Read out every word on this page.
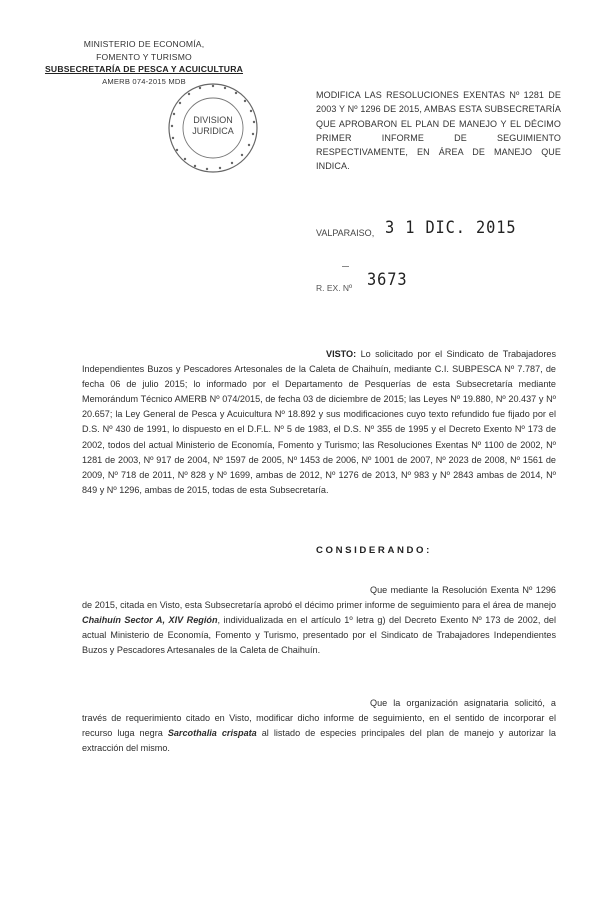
MINISTERIO DE ECONOMÍA,
FOMENTO Y TURISMO
SUBSECRETARÍA DE PESCA Y ACUICULTURA
AMERB 074-2015 MDB
DIVISION
JURIDICA
MODIFICA LAS RESOLUCIONES EXENTAS Nº 1281 DE 2003 Y Nº 1296 DE 2015, AMBAS ESTA SUBSECRETARÍA QUE APROBARON EL PLAN DE MANEJO Y EL DÉCIMO PRIMER INFORME DE SEGUIMIENTO RESPECTIVAMENTE, EN ÁREA DE MANEJO QUE INDICA.
VALPARAISO, 3 1 DIC. 2015
R. EX. Nº 3673
VISTO: Lo solicitado por el Sindicato de Trabajadores Independientes Buzos y Pescadores Artesonales de la Caleta de Chaihuín, mediante C.I. SUBPESCA Nº 7.787, de fecha 06 de julio 2015; lo informado por el Departamento de Pesquerías de esta Subsecretaría mediante Memorándum Técnico AMERB Nº 074/2015, de fecha 03 de diciembre de 2015; las Leyes Nº 19.880, Nº 20.437 y Nº 20.657; la Ley General de Pesca y Acuicultura Nº 18.892 y sus modificaciones cuyo texto refundido fue fijado por el D.S. Nº 430 de 1991, lo dispuesto en el D.F.L. Nº 5 de 1983, el D.S. Nº 355 de 1995 y el Decreto Exento Nº 173 de 2002, todos del actual Ministerio de Economía, Fomento y Turismo; las Resoluciones Exentas Nº 1100 de 2002, Nº 1281 de 2003, Nº 917 de 2004, Nº 1597 de 2005, Nº 1453 de 2006, Nº 1001 de 2007, Nº 2023 de 2008, Nº 1561 de 2009, Nº 718 de 2011, Nº 828 y Nº 1699, ambas de 2012, Nº 1276 de 2013, Nº 983 y Nº 2843 ambas de 2014, Nº 849 y Nº 1296, ambas de 2015, todas de esta Subsecretaría.
CONSIDERANDO:
Que mediante la Resolución Exenta Nº 1296 de 2015, citada en Visto, esta Subsecretaría aprobó el décimo primer informe de seguimiento para el área de manejo Chaihuín Sector A, XIV Región, individualizada en el artículo 1º letra g) del Decreto Exento Nº 173 de 2002, del actual Ministerio de Economía, Fomento y Turismo, presentado por el Sindicato de Trabajadores Independientes Buzos y Pescadores Artesanales de la Caleta de Chaihuín.
Que la organización asignataria solicitó, a través de requerimiento citado en Visto, modificar dicho informe de seguimiento, en el sentido de incorporar el recurso luga negra Sarcothalia crispata al listado de especies principales del plan de manejo y autorizar la extracción del mismo.
